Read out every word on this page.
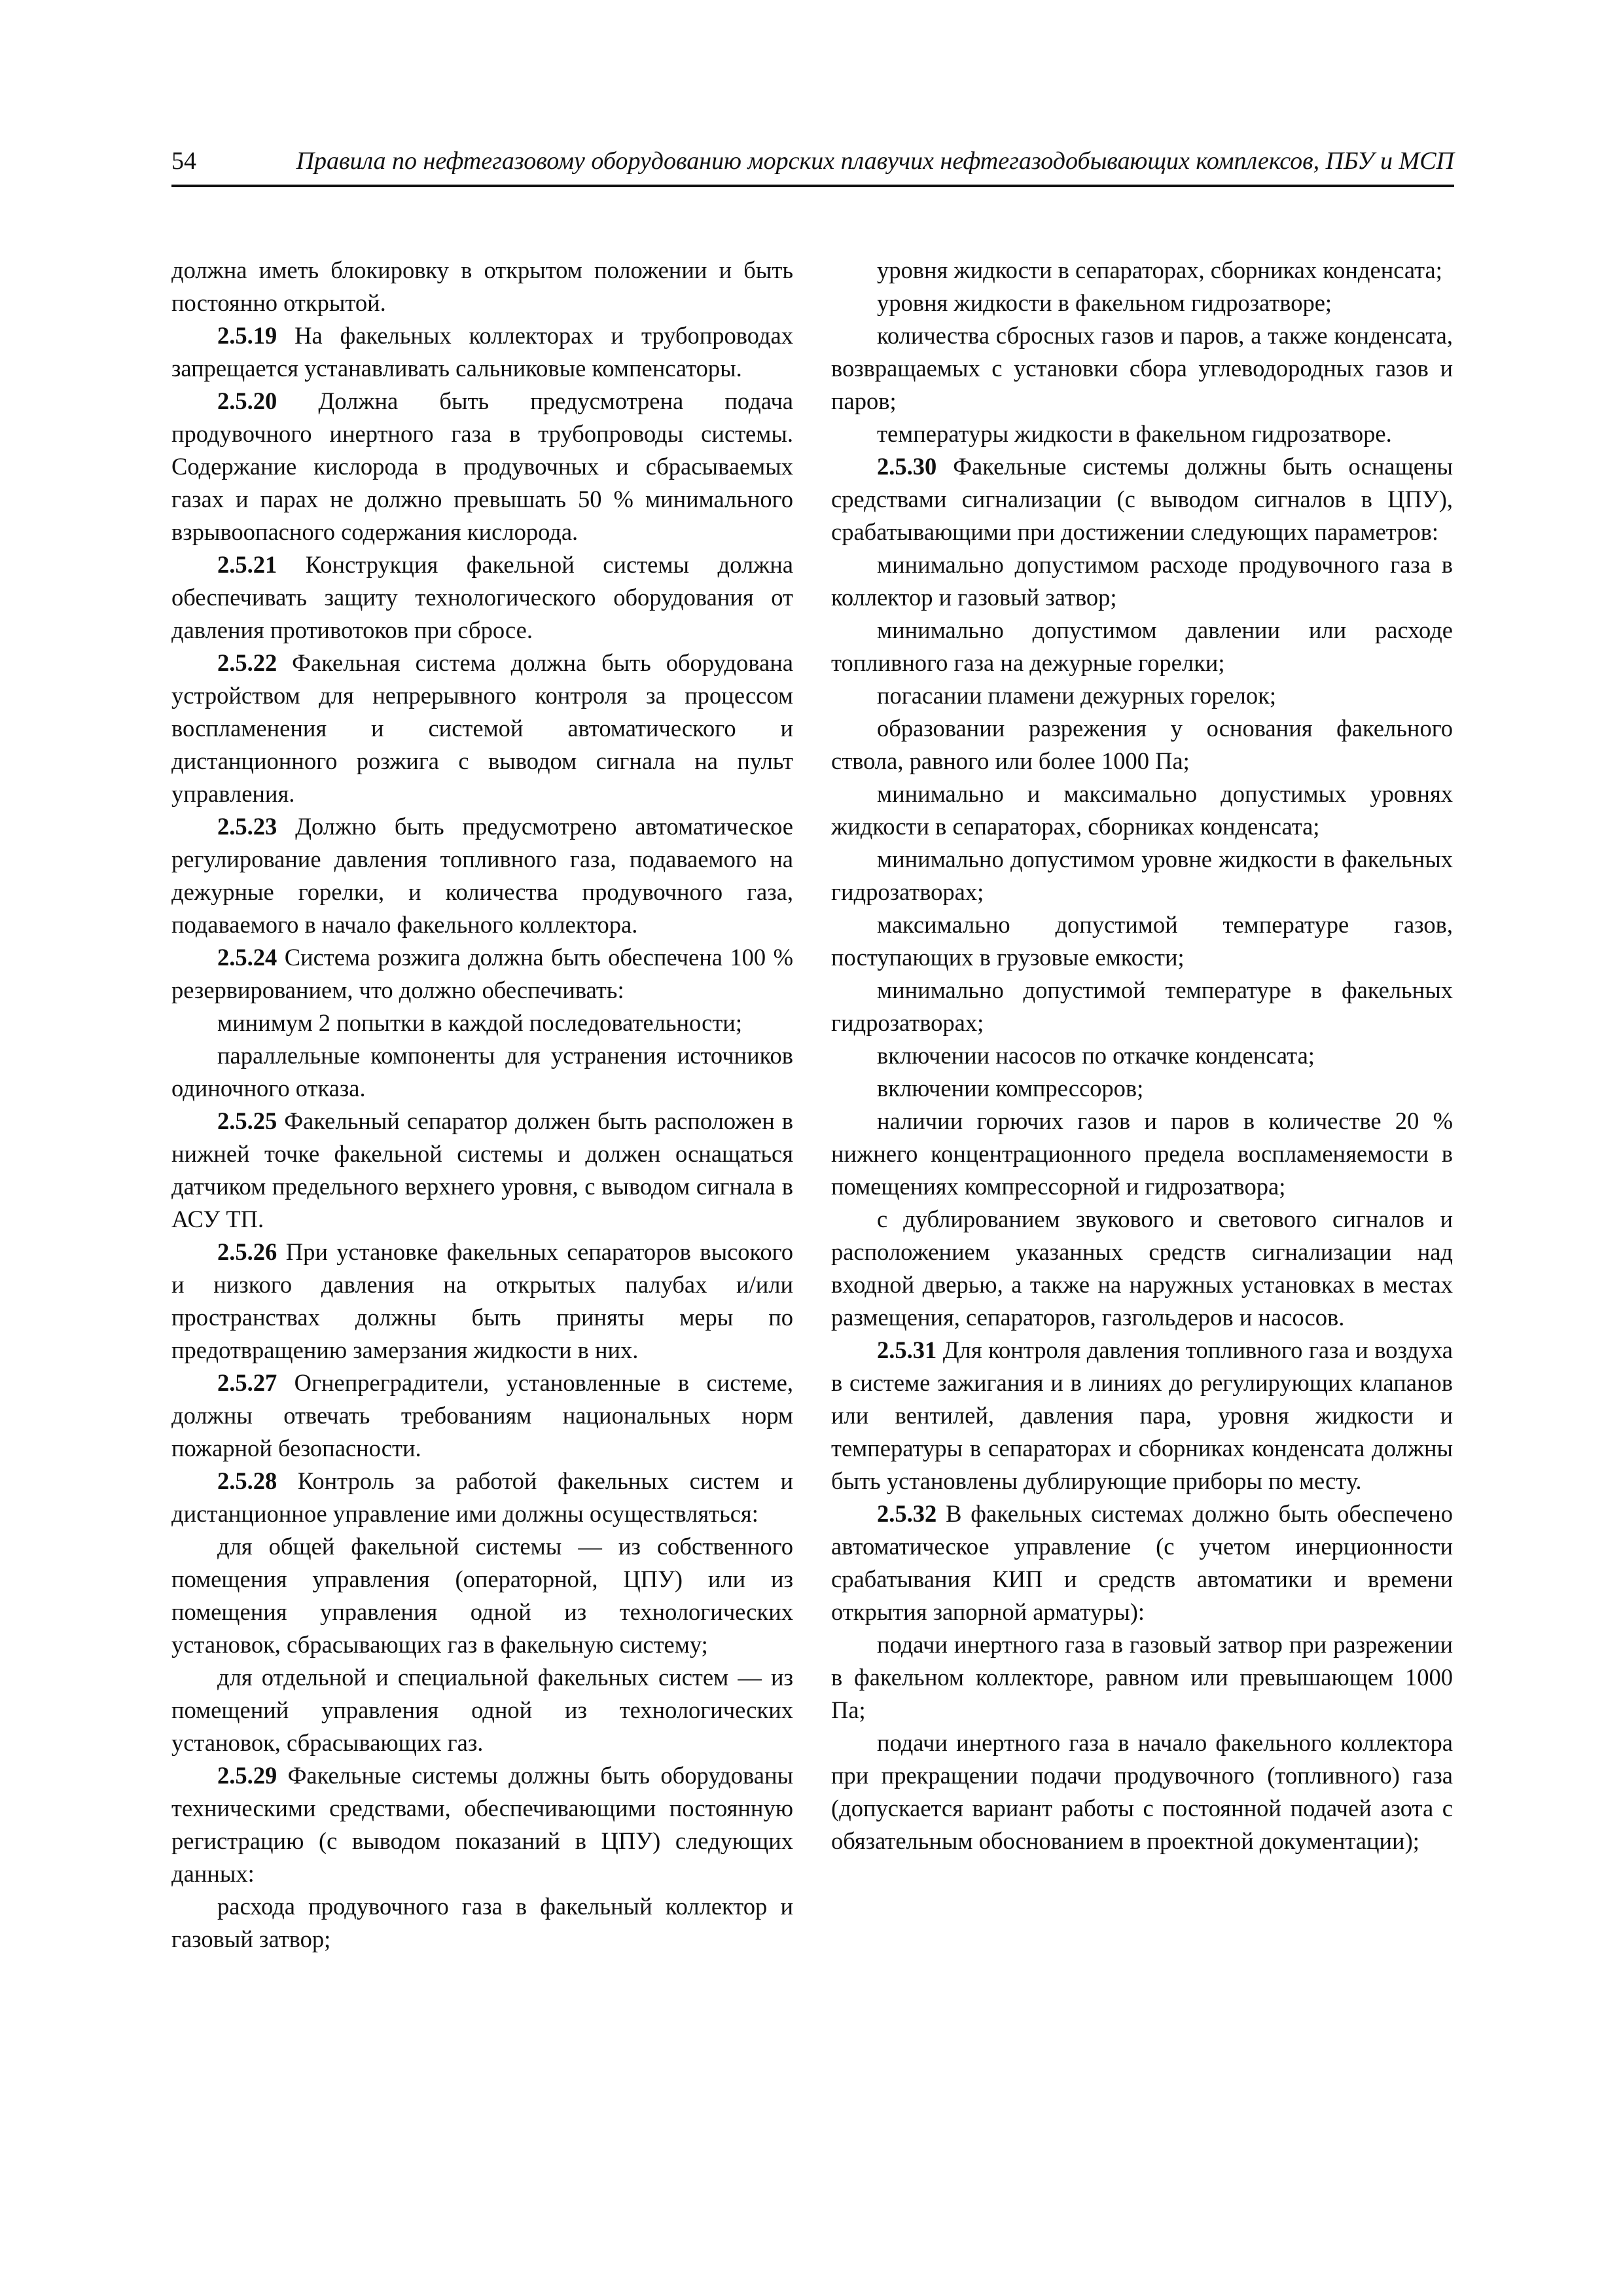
54	Правила по нефтегазовому оборудованию морских плавучих нефтегазодобывающих комплексов, ПБУ и МСП

должна иметь блокировку в открытом положении и быть постоянно открытой.

2.5.19 На факельных коллекторах и трубопроводах запрещается устанавливать сальниковые компенсаторы.

2.5.20 Должна быть предусмотрена подача продувочного инертного газа в трубопроводы системы. Содержание кислорода в продувочных и сбрасываемых газах и парах не должно превышать 50 % минимального взрывоопасного содержания кислорода.

2.5.21 Конструкция факельной системы должна обеспечивать защиту технологического оборудования от давления противотоков при сбросе.

2.5.22 Факельная система должна быть оборудована устройством для непрерывного контроля за процессом воспламенения и системой автоматического и дистанционного розжига с выводом сигнала на пульт управления.

2.5.23 Должно быть предусмотрено автоматическое регулирование давления топливного газа, подаваемого на дежурные горелки, и количества продувочного газа, подаваемого в начало факельного коллектора.

2.5.24 Система розжига должна быть обеспечена 100 % резервированием, что должно обеспечивать:

минимум 2 попытки в каждой последовательности;

параллельные компоненты для устранения источников одиночного отказа.

2.5.25 Факельный сепаратор должен быть расположен в нижней точке факельной системы и должен оснащаться датчиком предельного верхнего уровня, с выводом сигнала в АСУ ТП.

2.5.26 При установке факельных сепараторов высокого и низкого давления на открытых палубах и/или пространствах должны быть приняты меры по предотвращению замерзания жидкости в них.

2.5.27 Огнепреградители, установленные в системе, должны отвечать требованиям национальных норм пожарной безопасности.

2.5.28 Контроль за работой факельных систем и дистанционное управление ими должны осуществляться:

для общей факельной системы — из собственного помещения управления (операторной, ЦПУ) или из помещения управления одной из технологических установок, сбрасывающих газ в факельную систему;

для отдельной и специальной факельных систем — из помещений управления одной из технологических установок, сбрасывающих газ.

2.5.29 Факельные системы должны быть оборудованы техническими средствами, обеспечивающими постоянную регистрацию (с выводом показаний в ЦПУ) следующих данных:

расхода продувочного газа в факельный коллектор и газовый затвор;

уровня жидкости в сепараторах, сборниках конденсата;

уровня жидкости в факельном гидрозатворе;

количества сбросных газов и паров, а также конденсата, возвращаемых с установки сбора углеводородных газов и паров;

температуры жидкости в факельном гидрозатворе.

2.5.30 Факельные системы должны быть оснащены средствами сигнализации (с выводом сигналов в ЦПУ), срабатывающими при достижении следующих параметров:

минимально допустимом расходе продувочного газа в коллектор и газовый затвор;

минимально допустимом давлении или расходе топливного газа на дежурные горелки;

погасании пламени дежурных горелок;

образовании разрежения у основания факельного ствола, равного или более 1000 Па;

минимально и максимально допустимых уровнях жидкости в сепараторах, сборниках конденсата;

минимально допустимом уровне жидкости в факельных гидрозатворах;

максимально допустимой температуре газов, поступающих в грузовые емкости;

минимально допустимой температуре в факельных гидрозатворах;

включении насосов по откачке конденсата;

включении компрессоров;

наличии горючих газов и паров в количестве 20 % нижнего концентрационного предела воспламеняемости в помещениях компрессорной и гидрозатвора;

с дублированием звукового и светового сигналов и расположением указанных средств сигнализации над входной дверью, а также на наружных установках в местах размещения, сепараторов, газгольдеров и насосов.

2.5.31 Для контроля давления топливного газа и воздуха в системе зажигания и в линиях до регулирующих клапанов или вентилей, давления пара, уровня жидкости и температуры в сепараторах и сборниках конденсата должны быть установлены дублирующие приборы по месту.

2.5.32 В факельных системах должно быть обеспечено автоматическое управление (с учетом инерционности срабатывания КИП и средств автоматики и времени открытия запорной арматуры):

подачи инертного газа в газовый затвор при разрежении в факельном коллекторе, равном или превышающем 1000 Па;

подачи инертного газа в начало факельного коллектора при прекращении подачи продувочного (топливного) газа (допускается вариант работы с постоянной подачей азота с обязательным обоснованием в проектной документации);
